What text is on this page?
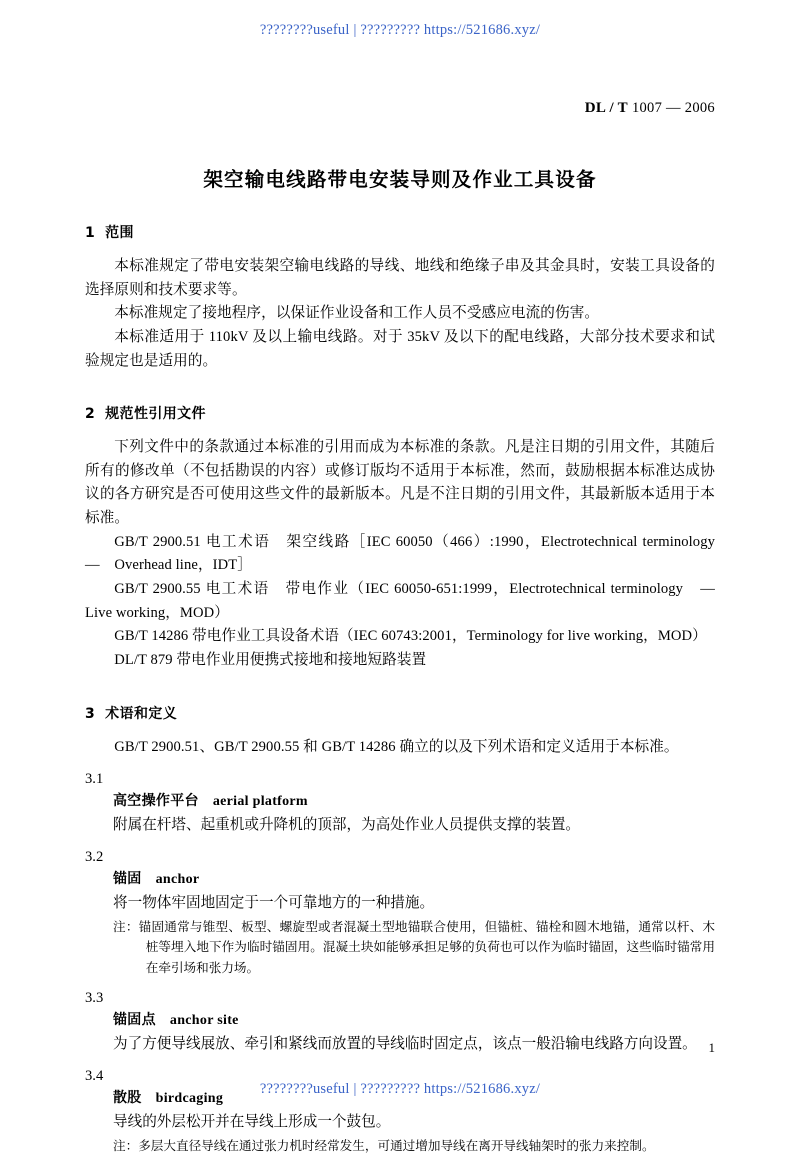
????????useful | ????????? https://521686.xyz/
DL / T 1007 — 2006
架空输电线路带电安装导则及作业工具设备
1 范围

本标准规定了带电安装架空输电线路的导线、地线和绝缘子串及其金具时，安装工具设备的选择原则和技术要求等。

本标准规定了接地程序，以保证作业设备和工作人员不受感应电流的伤害。

本标准适用于 110kV 及以上输电线路。对于 35kV 及以下的配电线路，大部分技术要求和试验规定也是适用的。

2 规范性引用文件

下列文件中的条款通过本标准的引用而成为本标准的条款。凡是注日期的引用文件，其随后所有的修改单（不包括勘误的内容）或修订版均不适用于本标准，然而，鼓励根据本标准达成协议的各方研究是否可使用这些文件的最新版本。凡是不注日期的引用文件，其最新版本适用于本标准。

GB/T 2900.51 电工术语　架空线路［IEC 60050（466）:1990，Electrotechnical terminology　—　Overhead line，IDT］

GB/T 2900.55 电工术语　带电作业（IEC 60050-651:1999，Electrotechnical terminology　—　Live working，MOD）

GB/T 14286 带电作业工具设备术语（IEC 60743:2001，Terminology for live working，MOD）

DL/T 879 带电作业用便携式接地和接地短路装置

3 术语和定义

GB/T 2900.51、GB/T 2900.55 和 GB/T 14286 确立的以及下列术语和定义适用于本标准。

3.1
高空操作平台 aerial platform
附属在杆塔、起重机或升降机的顶部，为高处作业人员提供支撑的装置。
3.2
锚固 anchor
将一物体牢固地固定于一个可靠地方的一种措施。
注：锚固通常与锥型、板型、螺旋型或者混凝土型地锚联合使用，但锚桩、锚栓和圆木地锚，通常以杆、木桩等埋入地下作为临时锚固用。混凝土块如能够承担足够的负荷也可以作为临时锚固，这些临时锚常用在牵引场和张力场。
3.3
锚固点 anchor site
为了方便导线展放、牵引和紧线而放置的导线临时固定点，该点一般沿输电线路方向设置。
3.4
散股 birdcaging
导线的外层松开并在导线上形成一个鼓包。
注：多层大直径导线在通过张力机时经常发生，可通过增加导线在离开导线轴架时的张力来控制。
1
????????useful | ????????? https://521686.xyz/
